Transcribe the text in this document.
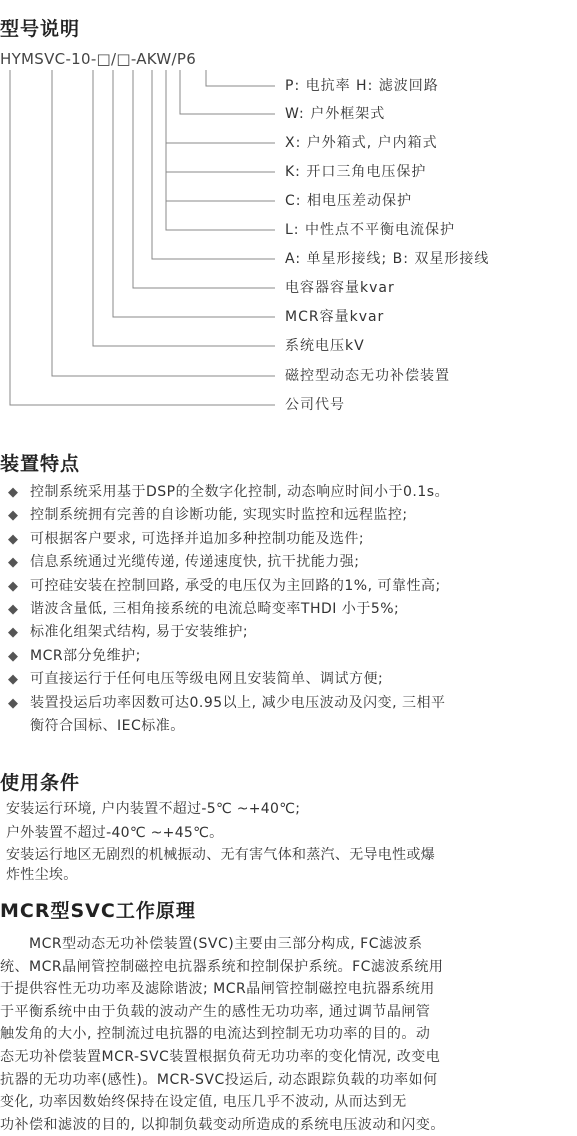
型号说明
HYMSVC-10-□/□-AKW/P6
P: 电抗率 H: 滤波回路
W: 户外框架式
X: 户外箱式, 户内箱式
K: 开口三角电压保护
C: 相电压差动保护
L: 中性点不平衡电流保护
A: 单星形接线; B: 双星形接线
电容器容量kvar
MCR容量kvar
系统电压kV
磁控型动态无功补偿装置
公司代号
装置特点
◆ 控制系统采用基于DSP的全数字化控制, 动态响应时间小于0.1s。
◆ 控制系统拥有完善的自诊断功能, 实现实时监控和远程监控;
◆ 可根据客户要求, 可选择并追加多种控制功能及选件;
◆ 信息系统通过光缆传递, 传递速度快, 抗干扰能力强;
◆ 可控硅安装在控制回路, 承受的电压仅为主回路的1%, 可靠性高;
◆ 谐波含量低, 三相角接系统的电流总畸变率THDI 小于5%;
◆ 标准化组架式结构, 易于安装维护;
◆ MCR部分免维护;
◆ 可直接运行于任何电压等级电网且安装简单、调试方便;
◆ 装置投运后功率因数可达0.95以上, 减少电压波动及闪变, 三相平
衡符合国标、IEC标准。
使用条件
安装运行环境, 户内装置不超过-5℃ ~+40℃;
户外装置不超过-40℃ ~+45℃。
安装运行地区无剧烈的机械振动、无有害气体和蒸汽、无导电性或爆
炸性尘埃。
MCR型SVC工作原理
　　MCR型动态无功补偿装置(SVC)主要由三部分构成, FC滤波系
统、MCR晶闸管控制磁控电抗器系统和控制保护系统。FC滤波系统用
于提供容性无功功率及滤除谐波; MCR晶闸管控制磁控电抗器系统用
于平衡系统中由于负载的波动产生的感性无功功率, 通过调节晶闸管
触发角的大小, 控制流过电抗器的电流达到控制无功功率的目的。动
态无功补偿装置MCR-SVC装置根据负荷无功功率的变化情况, 改变电
抗器的无功功率(感性)。MCR-SVC投运后, 动态跟踪负载的功率如何
变化, 功率因数始终保持在设定值, 电压几乎不波动, 从而达到无
功补偿和滤波的目的, 以抑制负载变动所造成的系统电压波动和闪变。
